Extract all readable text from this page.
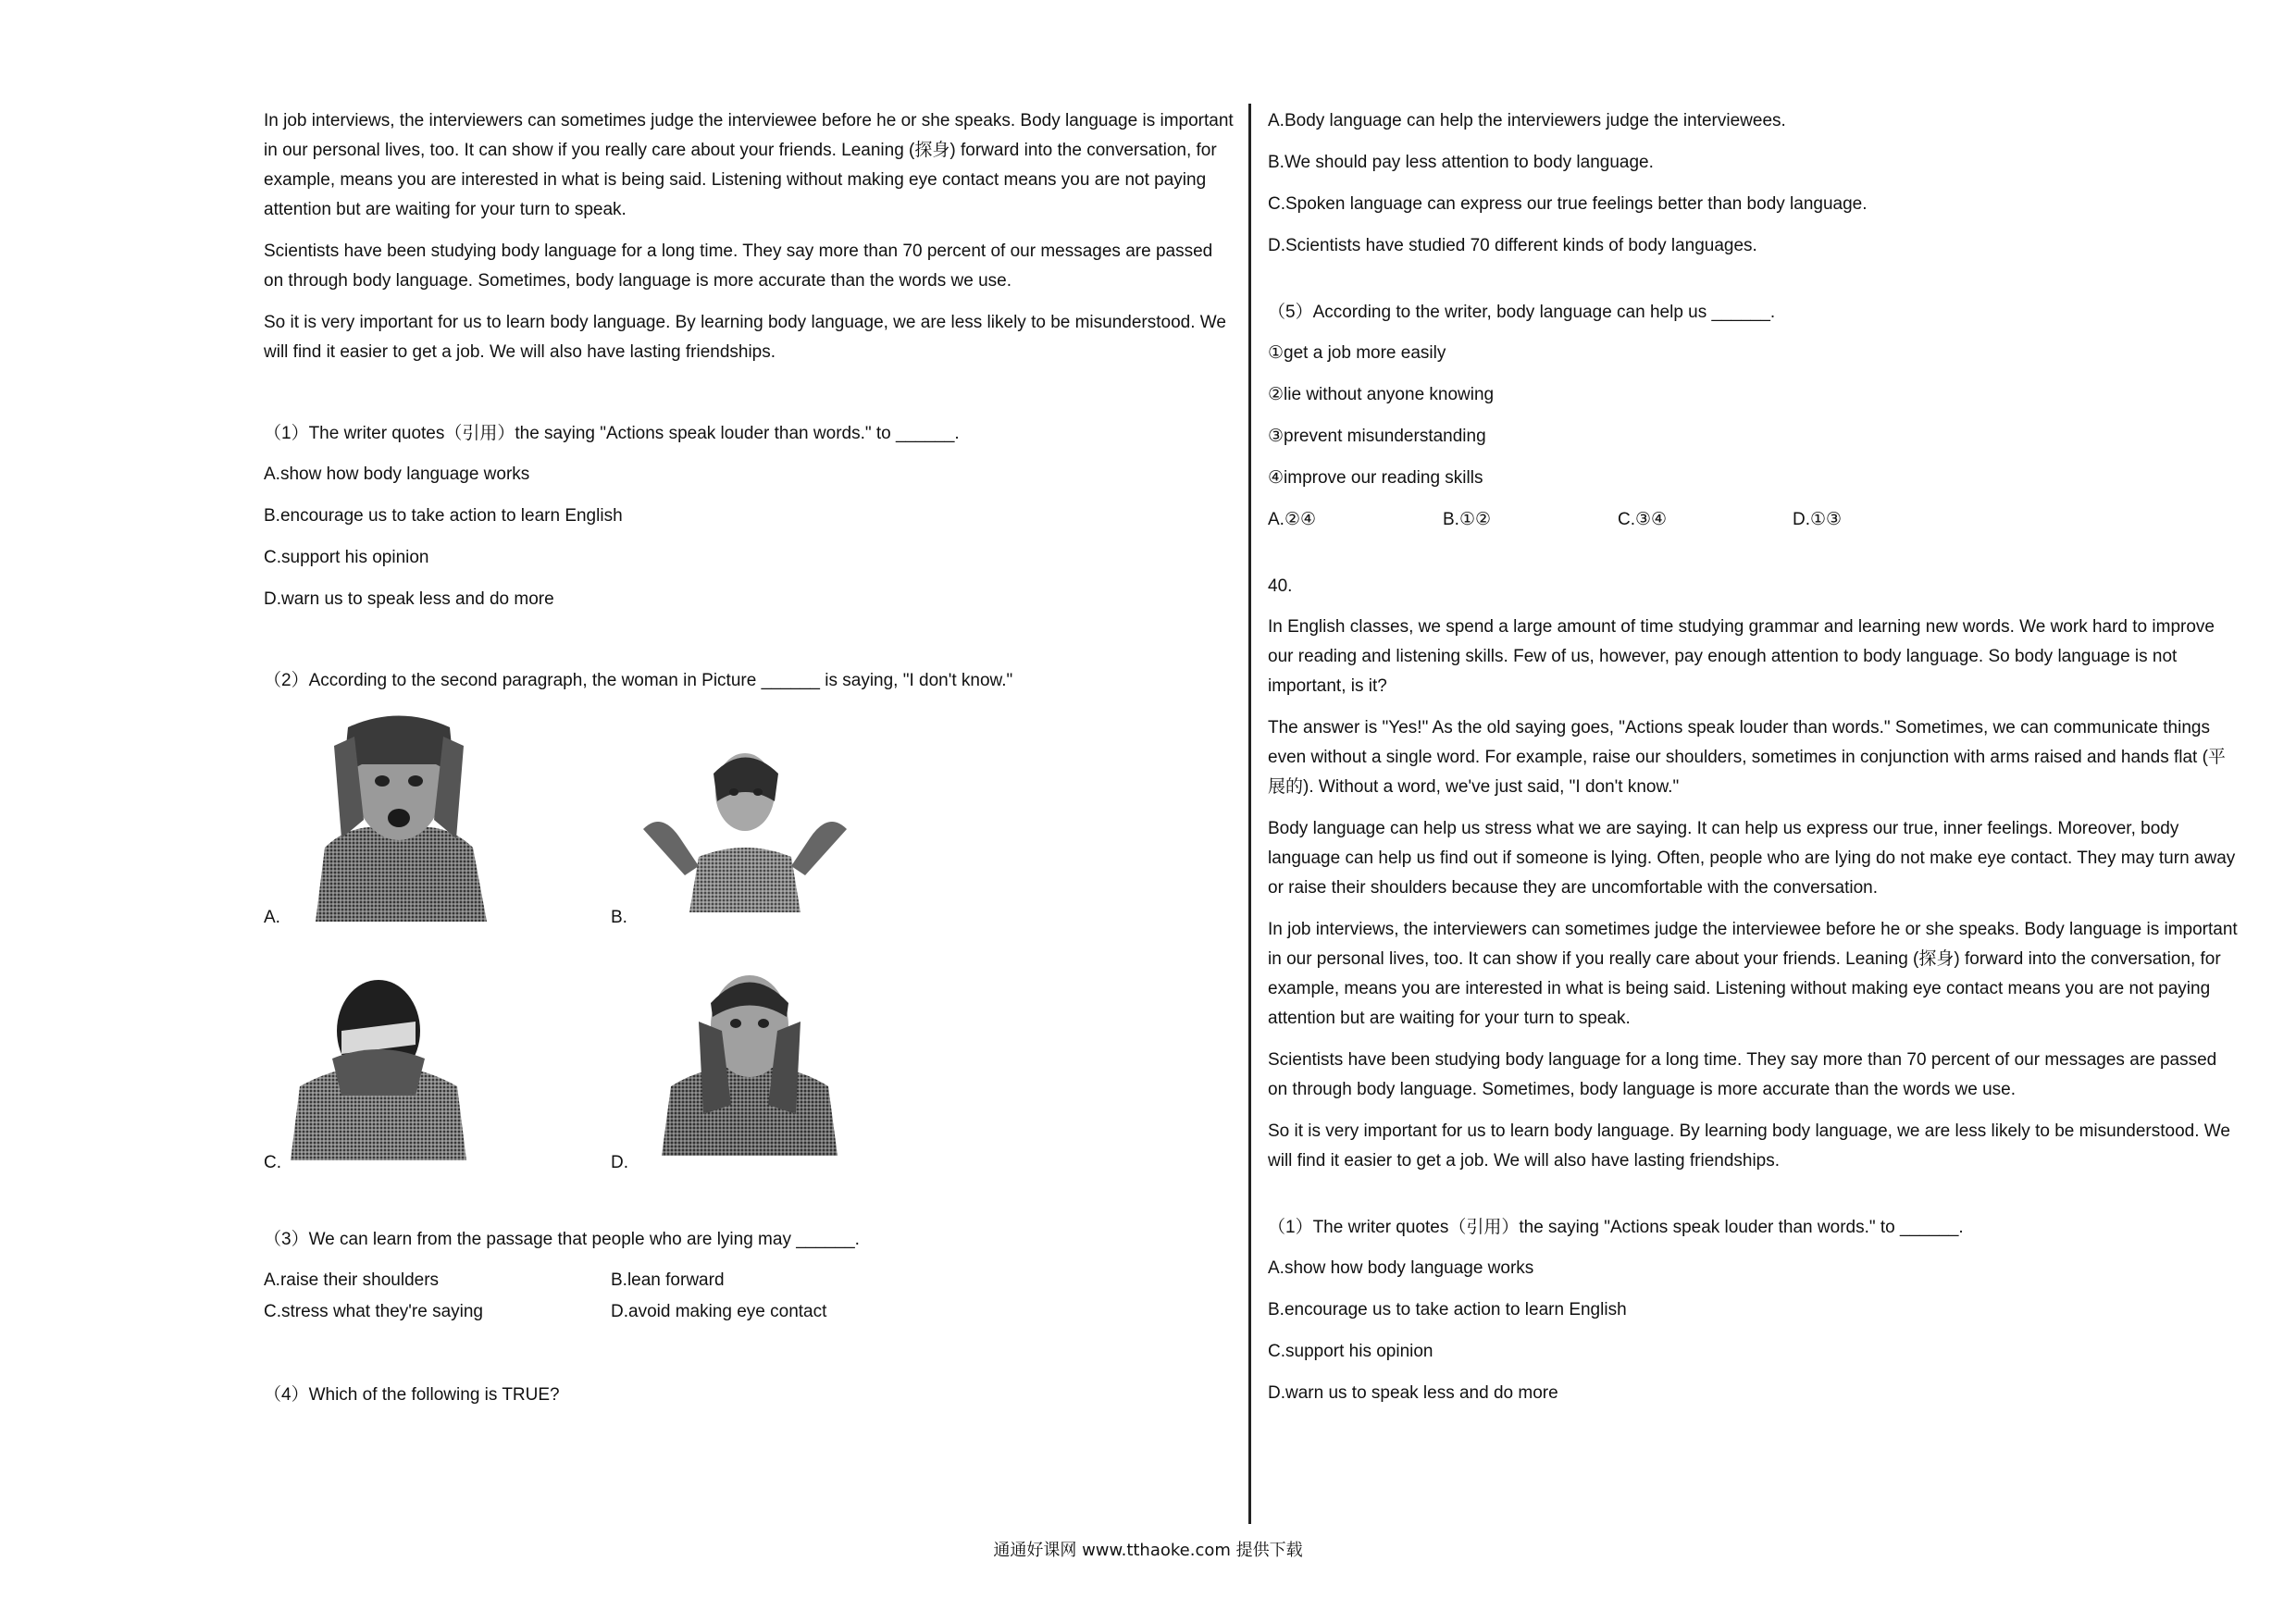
In job interviews, the interviewers can sometimes judge the interviewee before he or she speaks. Body language is important in our personal lives, too. It can show if you really care about your friends. Leaning (探身) forward into the conversation, for example, means you are interested in what is being said. Listening without making eye contact means you are not paying attention but are waiting for your turn to speak.

Scientists have been studying body language for a long time. They say more than 70 percent of our messages are passed on through body language. Sometimes, body language is more accurate than the words we use.

So it is very important for us to learn body language. By learning body language, we are less likely to be misunderstood. We will find it easier to get a job. We will also have lasting friendships.

（1）The writer quotes（引用）the saying "Actions speak louder than words." to ______.
A.show how body language works
B.encourage us to take action to learn English
C.support his opinion
D.warn us to speak less and do more
（2）According to the second paragraph, the woman in Picture ______ is saying, "I don't know."
A.	B.
C.	D.
（3）We can learn from the passage that people who are lying may ______.
A.raise their shoulders	B.lean forward
C.stress what they're saying	D.avoid making eye contact
（4）Which of the following is TRUE?
A.Body language can help the interviewers judge the interviewees.
B.We should pay less attention to body language.
C.Spoken language can express our true feelings better than body language.
D.Scientists have studied 70 different kinds of body languages.
（5）According to the writer, body language can help us ______.
①get a job more easily
②lie without anyone knowing
③prevent misunderstanding
④improve our reading skills
A.②④	B.①②	C.③④	D.①③
40.

In English classes, we spend a large amount of time studying grammar and learning new words. We work hard to improve our reading and listening skills. Few of us, however, pay enough attention to body language. So body language is not important, is it?

The answer is "Yes!" As the old saying goes, "Actions speak louder than words." Sometimes, we can communicate things even without a single word. For example, raise our shoulders, sometimes in conjunction with arms raised and hands flat (平展的). Without a word, we've just said, "I don't know."

Body language can help us stress what we are saying. It can help us express our true, inner feelings. Moreover, body language can help us find out if someone is lying. Often, people who are lying do not make eye contact. They may turn away or raise their shoulders because they are uncomfortable with the conversation.

In job interviews, the interviewers can sometimes judge the interviewee before he or she speaks. Body language is important in our personal lives, too. It can show if you really care about your friends. Leaning (探身) forward into the conversation, for example, means you are interested in what is being said. Listening without making eye contact means you are not paying attention but are waiting for your turn to speak.

Scientists have been studying body language for a long time. They say more than 70 percent of our messages are passed on through body language. Sometimes, body language is more accurate than the words we use.

So it is very important for us to learn body language. By learning body language, we are less likely to be misunderstood. We will find it easier to get a job. We will also have lasting friendships.

（1）The writer quotes（引用）the saying "Actions speak louder than words." to ______.
A.show how body language works
B.encourage us to take action to learn English
C.support his opinion
D.warn us to speak less and do more
通通好课网 www.tthaoke.com 提供下载
